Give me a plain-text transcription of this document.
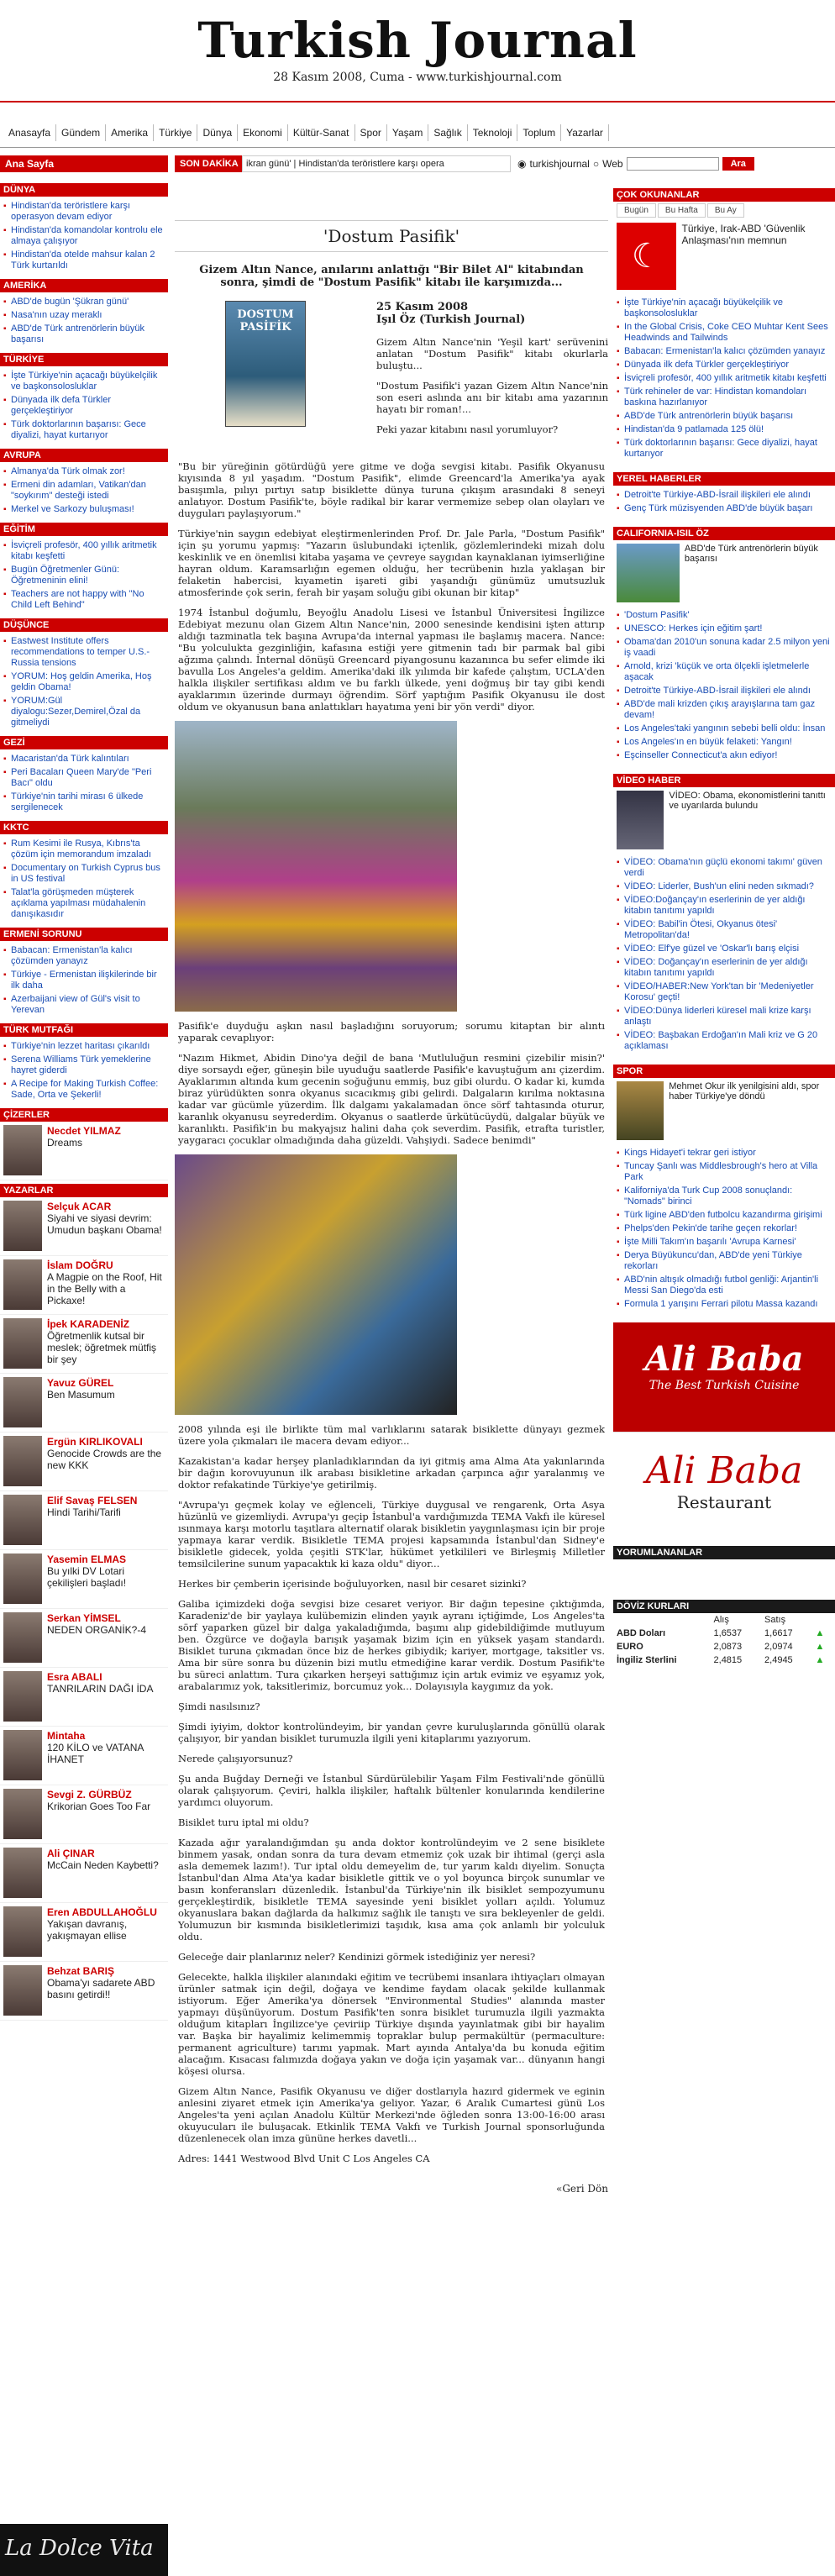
Turkish Journal
28 Kasım 2008, Cuma - www.turkishjournal.com
Anasayfa	Gündem	Amerika	Türkiye	Dünya	Ekonomi	Kültür-Sanat	Spor	Yaşam	Sağlık	Teknoloji	Toplum	Yazarlar
Ana Sayfa	SON DAKİKA ikran günü' | Hindistan'da teröristlere karşı opera	◉ turkishjournal ○ Web	Ara
DÜNYA
▪ Hindistan'da teröristlere karşı operasyon devam ediyor
▪ Hindistan'da komandolar kontrolu ele almaya çalışıyor
▪ Hindistan'da otelde mahsur kalan 2 Türk kurtarıldı
AMERİKA
▪ ABD'de bugün 'Şükran günü'
▪ Nasa'nın uzay meraklı
▪ ABD'de Türk antrenörlerin büyük başarısı
TÜRKİYE
▪ İşte Türkiye'nin açacağı büyükelçilik ve başkonsolosluklar
▪ Dünyada ilk defa Türkler gerçekleştiriyor
▪ Türk doktorlarının başarısı: Gece diyalizi, hayat kurtarıyor
AVRUPA
▪ Almanya'da Türk olmak zor!
▪ Ermeni din adamları, Vatikan'dan "soykırım" desteği istedi
▪ Merkel ve Sarkozy buluşması!
EĞİTİM
▪ İsviçreli profesör, 400 yıllık aritmetik kitabı keşfetti
▪ Bugün Öğretmenler Günü: Öğretmeninin elini!
▪ Teachers are not happy with "No Child Left Behind"
DÜŞÜNCE
▪ Eastwest Institute offers recommendations to temper U.S.-Russia tensions
▪ YORUM: Hoş geldin Amerika, Hoş geldin Obama!
▪ YORUM:Gül diyalogu:Sezer,Demirel,Özal da gitmeliydi
GEZİ
▪ Macaristan'da Türk kalıntıları
▪ Peri Bacaları Queen Mary'de "Peri Bacı" oldu
▪ Türkiye'nin tarihi mirası 6 ülkede sergilenecek
KKTC
▪ Rum Kesimi ile Rusya, Kıbrıs'ta çözüm için memorandum imzaladı
▪ Documentary on Turkish Cyprus bus in US festival
▪ Talat'la görüşmeden müşterek açıklama yapılması müdahalenin danışıkasıdır
ERMENİ SORUNU
▪ Babacan: Ermenistan'la kalıcı çözümden yanayız
▪ Türkiye - Ermenistan ilişkilerinde bir ilk daha
▪ Azerbaijani view of Gül's visit to Yerevan
TÜRK MUTFAĞI
▪ Türkiye'nin lezzet haritası çıkarıldı
▪ Serena Williams Türk yemeklerine hayret giderdi
▪ A Recipe for Making Turkish Coffee: Sade, Orta ve Şekerli!
ÇİZERLER
Necdet YILMAZ
Dreams
YAZARLAR
Selçuk ACAR
Siyahi ve siyasi devrim: Umudun başkanı Obama!
İslam DOĞRU
A Magpie on the Roof, Hit in the Belly with a Pickaxe!
İpek KARADENİZ
Öğretmenlik kutsal bir meslek; öğretmek mütfiş bir şey
Yavuz GÜREL
Ben Masumum
Ergün KIRLIKOVALI
Genocide Crowds are the new KKK
Elif Savaş FELSEN
Hindi Tarihi/Tarifi
Yasemin ELMAS
Bu yılki DV Lotari çekilişleri başladı!
Serkan YİMSEL
NEDEN ORGANİK?-4
Esra ABALI
TANRILARIN DAĞI İDA
Mintaha
120 KİLO ve VATANA İHANET
Sevgi Z. GÜRBÜZ
Krikorian Goes Too Far
Ali ÇINAR
McCain Neden Kaybetti?
Eren ABDULLAHOĞLU
Yakışan davranış, yakışmayan ellise
Behzat BARIŞ
Obama'yı sadarete ABD basını getirdi!!
'Dostum Pasifik'
Gizem Altın Nance, anılarını anlattığı "Bir Bilet Al" kitabından sonra, şimdi de "Dostum Pasifik" kitabı ile karşımızda...
DOSTUM PASİFİK
25 Kasım 2008
Işıl Öz (Turkish Journal)

Gizem Altın Nance'nin 'Yeşil kart' serüvenini anlatan "Dostum Pasifik" kitabı okurlarla buluştu...

"Dostum Pasifik'i yazan Gizem Altın Nance'nin son eseri aslında anı bir kitabı ama yazarının hayatı bir roman!...

Peki yazar kitabını nasıl yorumluyor?

"Bu bir yüreğinin götürdüğü yere gitme ve doğa sevgisi kitabı. Pasifik Okyanusu kıyısında 8 yıl yaşadım. "Dostum Pasifik", elimde Greencard'la Amerika'ya ayak basışımla, pılıyı pırtıyı satıp bisiklette dünya turuna çıkışım arasındaki 8 seneyi anlatıyor. Dostum Pasifik'te, böyle radikal bir karar vermemize sebep olan olayları ve duyguları paylaşıyorum."

Türkiye'nin saygın edebiyat eleştirmenlerinden Prof. Dr. Jale Parla, "Dostum Pasifik" için şu yorumu yapmış: "Yazarın üslubundaki içtenlik, gözlemlerindeki mizah dolu keskinlik ve en önemlisi kitaba yaşama ve çevreye saygıdan kaynaklanan iyimserliğine hayran oldum. Karamsarlığın egemen olduğu, her tecrübenin hızla yaklaşan bir felaketin habercisi, kıyametin işareti gibi yaşandığı günümüz umutsuzluk atmosferinde çok serin, ferah bir yaşam soluğu gibi okunan bir kitap"

1974 İstanbul doğumlu, Beyoğlu Anadolu Lisesi ve İstanbul Üniversitesi İngilizce Edebiyat mezunu olan Gizem Altın Nance'nin, 2000 senesinde kendisini işten attırıp aldığı tazminatla tek başına Avrupa'da internal yapması ile başlamış macera. Nance: "Bu yolculukta gezginliğin, kafasına estiği yere gitmenin tadı bir parmak bal gibi ağzıma çalındı. İnternal dönüşü Greencard piyangosunu kazanınca bu sefer elimde iki bavulla Los Angeles'a geldim. Amerika'daki ilk yılımda bir kafede çalıştım, UCLA'den halkla ilişkiler sertifikası aldım ve bu farklı ülkede, yeni doğmuş bir tay gibi kendi ayaklarımın üzerinde durmayı öğrendim. Sörf yaptığım Pasifik Okyanusu ile dost oldum ve okyanusun bana anlattıkları hayatıma yeni bir yön verdi" diyor.

Pasifik'e duyduğu aşkın nasıl başladığını soruyorum; sorumu kitaptan bir alıntı yaparak cevaplıyor:

"Nazım Hikmet, Abidin Dino'ya değil de bana 'Mutluluğun resmini çizebilir misin?' diye sorsaydı eğer, güneşin bile uyuduğu saatlerde Pasifik'e kavuştuğum anı çizerdim. Ayaklarımın altında kum gecenin soğuğunu emmiş, buz gibi olurdu. O kadar ki, kumda biraz yürüdükten sonra okyanus sıcacıkmış gibi gelirdi. Dalgaların kırılma noktasına kadar var gücümle yüzerdim. İlk dalgamı yakalamadan önce sörf tahtasında oturur, karanlık okyanusu seyrederdim. Okyanus o saatlerde ürkütücüydü, dalgalar büyük ve karanlıktı. Pasifik'in bu makyajsız halini daha çok severdim. Pasifik, etrafta turistler, yaygaracı çocuklar olmadığında daha güzeldi. Vahşiydi. Sadece benimdi"

2008 yılında eşi ile birlikte tüm mal varlıklarını satarak bisiklette dünyayı gezmek üzere yola çıkmaları ile macera devam ediyor...

Kazakistan'a kadar herşey planladıklarından da iyi gitmiş ama Alma Ata yakınlarında bir dağın korovuyunun ilk arabası bisikletine arkadan çarpınca ağır yaralanmış ve doktor refakatinde Türkiye'ye getirilmiş.

"Avrupa'yı geçmek kolay ve eğlenceli, Türkiye duygusal ve rengarenk, Orta Asya hüzünlü ve gizemliydi. Avrupa'yı geçip İstanbul'a vardığımızda TEMA Vakfı ile küresel ısınmaya karşı motorlu taşıtlara alternatif olarak bisikletin yaygınlaşması için bir proje yapmaya karar verdik. Bisikletle TEMA projesi kapsamında İstanbul'dan Sidney'e bisikletle gidecek, yolda çeşitli STK'lar, hükümet yetkilileri ve Birleşmiş Milletler temsilcilerine sunum yapacaktık ki kaza oldu" diyor...

Herkes bir çemberin içerisinde boğuluyorken, nasıl bir cesaret sizinki?

Galiba içimizdeki doğa sevgisi bize cesaret veriyor. Bir dağın tepesine çıktığımda, Karadeniz'de bir yaylaya kulübemizin elinden yayık ayranı içtiğimde, Los Angeles'ta sörf yaparken güzel bir dalga yakaladığımda, başımı alıp gidebildiğimde mutluyum ben. Özgürce ve doğayla barışık yaşamak bizim için en yüksek yaşam standardı. Bisiklet turuna çıkmadan önce biz de herkes gibiydik; kariyer, mortgage, taksitler vs. Ama bir süre sonra bu düzenin bizi mutlu etmediğine karar verdik. Dostum Pasifik'te bu süreci anlattım. Tura çıkarken herşeyi sattığımız için artık evimiz ve eşyamız yok, arabalarımız yok, taksitlerimiz, borcumuz yok... Dolayısıyla kaygımız da yok.

Şimdi nasılsınız?

Şimdi iyiyim, doktor kontrolündeyim, bir yandan çevre kuruluşlarında gönüllü olarak çalışıyor, bir yandan bisiklet turumuzla ilgili yeni kitaplarımı yazıyorum.

Nerede çalışıyorsunuz?

Şu anda Buğday Derneği ve İstanbul Sürdürülebilir Yaşam Film Festivali'nde gönüllü olarak çalışıyorum. Çeviri, halkla ilişkiler, haftalık bültenler konularında kendilerine yardımcı oluyorum.

Bisiklet turu iptal mi oldu?

Kazada ağır yaralandığımdan şu anda doktor kontrolündeyim ve 2 sene bisiklete binmem yasak, ondan sonra da tura devam etmemiz çok uzak bir ihtimal (gerçi asla asla dememek lazım!). Tur iptal oldu demeyelim de, tur yarım kaldı diyelim. Sonuçta İstanbul'dan Alma Ata'ya kadar bisikletle gittik ve o yol boyunca birçok sunumlar ve basın konferansları düzenledik. İstanbul'da Türkiye'nin ilk bisiklet sempozyumunu gerçekleştirdik, bisikletle TEMA sayesinde yeni bisiklet yolları açıldı. Yolumuz okyanuslara bakan dağlarda da halkımız sağlık ile tanıştı ve sıra bekleyenler de geldi. Yolumuzun bir kısmında bisikletlerimizi taşıdık, kısa ama çok anlamlı bir yolculuk oldu.

Geleceğe dair planlarınız neler? Kendinizi görmek istediğiniz yer neresi?

Gelecekte, halkla ilişkiler alanındaki eğitim ve tecrübemi insanlara ihtiyaçları olmayan ürünler satmak için değil, doğaya ve kendime faydam olacak şekilde kullanmak istiyorum. Eğer Amerika'ya dönersek "Environmental Studies" alanında master yapmayı düşünüyorum. Dostum Pasifik'ten sonra bisiklet turumuzla ilgili yazmakta olduğum kitapları İngilizce'ye çeviriip Türkiye dışında yayınlatmak gibi bir hayalim var. Başka bir hayalimiz kelimemmiş topraklar bulup permakültür (permaculture: permanent agriculture) tarımı yapmak. Mart ayında Antalya'da bu konuda eğitim alacağım. Kısacası falımızda doğaya yakın ve doğa için yaşamak var... dünyanın hangi köşesi olursa.

Gizem Altın Nance, Pasifik Okyanusu ve diğer dostlarıyla hazırd gidermek ve eginin anlesini ziyaret etmek için Amerika'ya geliyor. Yazar, 6 Aralık Cumartesi günü Los Angeles'ta yeni açılan Anadolu Kültür Merkezi'nde öğleden sonra 13:00-16:00 arası okuyucuları ile buluşacak. Etkinlik TEMA Vakfı ve Turkish Journal sponsorluğunda düzenlenecek olan imza gününe herkes davetli...

Adres: 1441 Westwood Blvd Unit C Los Angeles CA

«Geri Dön
ÇOK OKUNANLAR
Bugün	Bu Hafta	Bu Ay
☾
Türkiye, Irak-ABD 'Güvenlik Anlaşması'nın memnun
▪ İşte Türkiye'nin açacağı büyükelçilik ve başkonsolosluklar
▪ In the Global Crisis, Coke CEO Muhtar Kent Sees Headwinds and Tailwinds
▪ Babacan: Ermenistan'la kalıcı çözümden yanayız
▪ Dünyada ilk defa Türkler gerçekleştiriyor
▪ İsviçreli profesör, 400 yıllık aritmetik kitabı keşfetti
▪ Türk rehineler de var: Hindistan komandoları baskına hazırlanıyor
▪ ABD'de Türk antrenörlerin büyük başarısı
▪ Hindistan'da 9 patlamada 125 ölü!
▪ Türk doktorlarının başarısı: Gece diyalizi, hayat kurtarıyor
YEREL HABERLER
▪ Detroit'te Türkiye-ABD-İsrail ilişkileri ele alındı
▪ Genç Türk müzisyenden ABD'de büyük başarı
CALIFORNIA-ISIL ÖZ
ABD'de Türk antrenörlerin büyük başarısı
▪ 'Dostum Pasifik'
▪ UNESCO: Herkes için eğitim şart!
▪ Obama'dan 2010'un sonuna kadar 2.5 milyon yeni iş vaadi
▪ Arnold, krizi 'küçük ve orta ölçekli işletmelerle aşacak
▪ Detroit'te Türkiye-ABD-İsrail ilişkileri ele alındı
▪ ABD'de mali krizden çıkış arayışlarına tam gaz devam!
▪ Los Angeles'taki yangının sebebi belli oldu: İnsan
▪ Los Angeles'ın en büyük felaketi: Yangın!
▪ Eşcinseller Connecticut'a akın ediyor!
VİDEO HABER
VİDEO: Obama, ekonomistlerini tanıttı ve uyarılarda bulundu
▪ VİDEO: Obama'nın güçlü ekonomi takımı' güven verdi
▪ VİDEO: Liderler, Bush'un elini neden sıkmadı?
▪ VİDEO:Doğançay'ın eserlerinin de yer aldığı kitabın tanıtımı yapıldı
▪ VİDEO: Babil'in Ötesi, Okyanus ötesi' Metropolitan'da!
▪ VİDEO: Elf'ye güzel ve 'Oskar'lı barış elçisi
▪ VİDEO: Doğançay'ın eserlerinin de yer aldığı kitabın tanıtımı yapıldı
▪ VİDEO/HABER:New York'tan bir 'Medeniyetler Korosu' geçti!
▪ VİDEO:Dünya liderleri küresel mali krize karşı anlaştı
▪ VİDEO: Başbakan Erdoğan'ın Mali kriz ve G 20 açıklaması
SPOR
Mehmet Okur ilk yenilgisini aldı, spor haber Türkiye'ye döndü
▪ Kings Hidayet'i tekrar geri istiyor
▪ Tuncay Şanlı was Middlesbrough's hero at Villa Park
▪ Kaliforniya'da Turk Cup 2008 sonuçlandı: "Nomads" birinci
▪ Türk ligine ABD'den futbolcu kazandırma girişimi
▪ Phelps'den Pekin'de tarihe geçen rekorlar!
▪ İşte Milli Takım'ın başarılı 'Avrupa Karnesi'
▪ Derya Büyükuncu'dan, ABD'de yeni Türkiye rekorları
▪ ABD'nin altışık olmadığı futbol genliği: Arjantin'li Messi San Diego'da esti
▪ Formula 1 yarışını Ferrari pilotu Massa kazandı
Ali Baba
The Best Turkish Cuisine
Ali Baba
Restaurant
YORUMLANANLAR
DÖVİZ KURLARI
	Alış	Satış	
ABD Doları	1,6537	1,6617	▲
EURO	2,0873	2,0974	▲
İngiliz Sterlini	2,4815	2,4945	▲
La Dolce Vita
